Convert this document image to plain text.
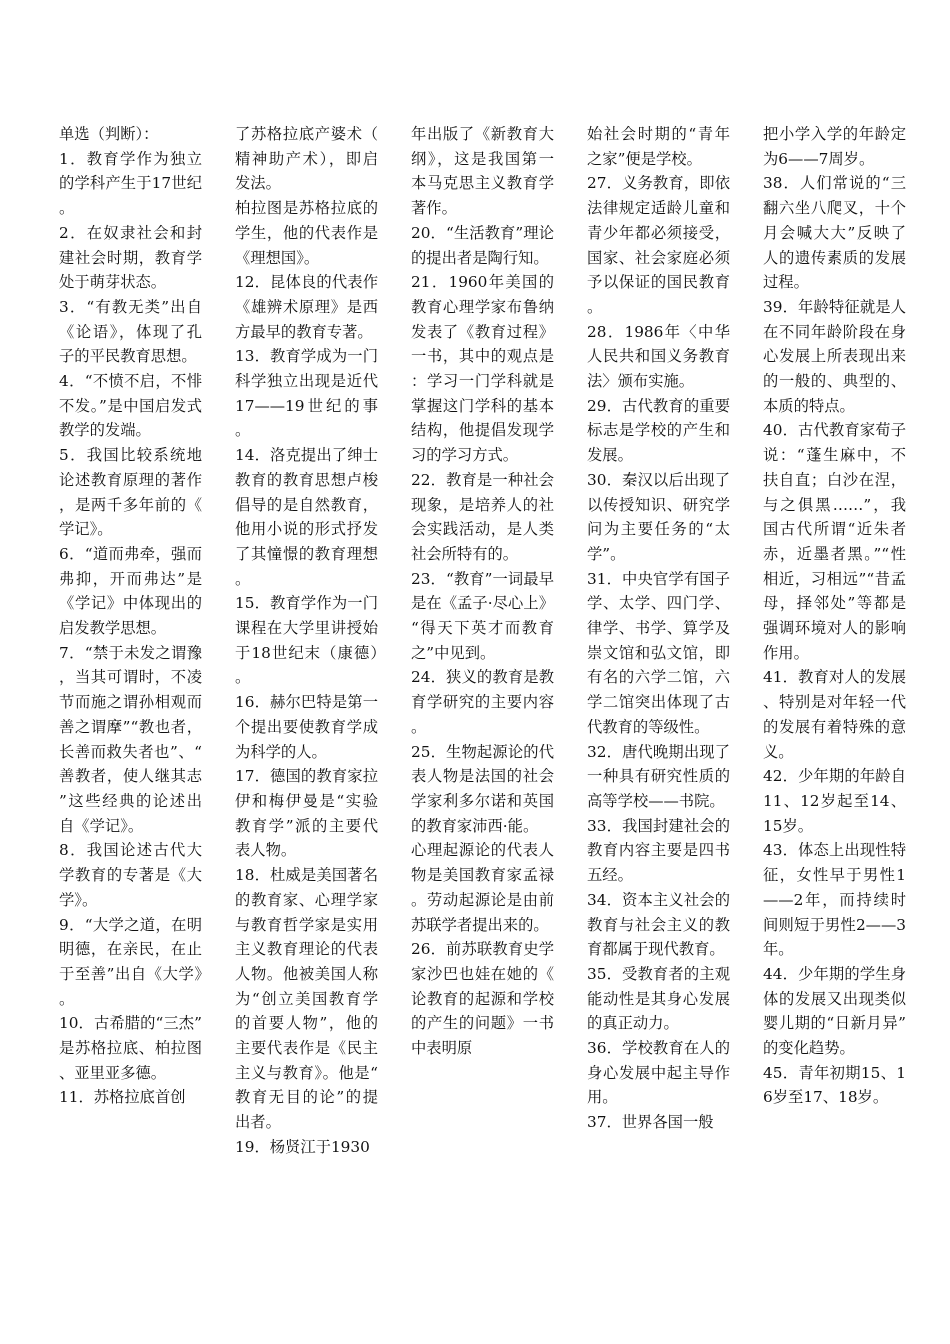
单选（判断）：

1．教育学作为独立的学科产生于17世纪。

2．在奴隶社会和封建社会时期，教育学处于萌芽状态。

3．“有教无类”出自《论语》，体现了孔子的平民教育思想。

4．“不愤不启，不悱不发。”是中国启发式教学的发端。

5．我国比较系统地论述教育原理的著作，是两千多年前的《学记》。

6．“道而弗牵，强而弗抑，开而弗达”是《学记》中体现出的启发教学思想。

7．“禁于未发之谓豫，当其可谓时，不凌节而施之谓孙相观而善之谓摩”“教也者，长善而救失者也”、“善教者，使人继其志”这些经典的论述出自《学记》。

8．我国论述古代大学教育的专著是《大学》。

9．“大学之道，在明明德，在亲民，在止于至善”出自《大学》。

10．古希腊的“三杰”是苏格拉底、柏拉图、亚里亚多德。

11．苏格拉底首创

了苏格拉底产婆术（精神助产术），即启发法。

柏拉图是苏格拉底的学生，他的代表作是《理想国》。

12．昆体良的代表作《雄辨术原理》是西方最早的教育专著。

13．教育学成为一门科学独立出现是近代17——19世纪的事。

14．洛克提出了绅士教育的教育思想卢梭倡导的是自然教育，他用小说的形式抒发了其憧憬的教育理想。

15．教育学作为一门课程在大学里讲授始于18世纪末（康德）。

16．赫尔巴特是第一个提出要使教育学成为科学的人。

17．德国的教育家拉伊和梅伊曼是“实验教育学”派的主要代表人物。

18．杜威是美国著名的教育家、心理学家与教育哲学家是实用主义教育理论的代表人物。他被美国人称为“创立美国教育学的首要人物”，他的主要代表作是《民主主义与教育》。他是“教育无目的论”的提出者。

19．杨贤江于1930

年出版了《新教育大纲》，这是我国第一本马克思主义教育学著作。

20．“生活教育”理论的提出者是陶行知。

21．1960年美国的教育心理学家布鲁纳发表了《教育过程》一书，其中的观点是：学习一门学科就是掌握这门学科的基本结构，他提倡发现学习的学习方式。

22．教育是一种社会现象，是培养人的社会实践活动，是人类社会所特有的。

23．“教育”一词最早是在《孟子·尽心上》“得天下英才而教育之”中见到。

24．狭义的教育是教育学研究的主要内容。

25．生物起源论的代表人物是法国的社会学家利多尔诺和英国的教育家沛西·能。

心理起源论的代表人物是美国教育家孟禄。劳动起源论是由前苏联学者提出来的。

26．前苏联教育史学家沙巴也娃在她的《论教育的起源和学校的产生的问题》一书中表明原

始社会时期的“青年之家”便是学校。

27．义务教育，即依法律规定适龄儿童和青少年都必须接受，国家、社会家庭必须予以保证的国民教育。

28．1986年〈中华人民共和国义务教育法〉颁布实施。

29．古代教育的重要标志是学校的产生和发展。

30．秦汉以后出现了以传授知识、研究学问为主要任务的“太学”。

31．中央官学有国子学、太学、四门学、律学、书学、算学及崇文馆和弘文馆，即有名的六学二馆，六学二馆突出体现了古代教育的等级性。

32．唐代晚期出现了一种具有研究性质的高等学校——书院。

33．我国封建社会的教育内容主要是四书五经。

34．资本主义社会的教育与社会主义的教育都属于现代教育。

35．受教育者的主观能动性是其身心发展的真正动力。

36．学校教育在人的身心发展中起主导作用。

37．世界各国一般

把小学入学的年龄定为6——7周岁。

38．人们常说的“三翻六坐八爬叉，十个月会喊大大”反映了人的遗传素质的发展过程。

39．年龄特征就是人在不同年龄阶段在身心发展上所表现出来的一般的、典型的、本质的特点。

40．古代教育家荀子说：“蓬生麻中，不扶自直；白沙在涅，与之俱黑……”，我国古代所谓“近朱者赤，近墨者黑。”“性相近，习相远”“昔孟母，择邻处”等都是强调环境对人的影响作用。

41．教育对人的发展、特别是对年轻一代的发展有着特殊的意义。

42．少年期的年龄自11、12岁起至14、15岁。

43．体态上出现性特征，女性早于男性1——2年，而持续时间则短于男性2——3年。

44．少年期的学生身体的发展又出现类似婴儿期的“日新月异”的变化趋势。

45．青年初期15、16岁至17、18岁。
